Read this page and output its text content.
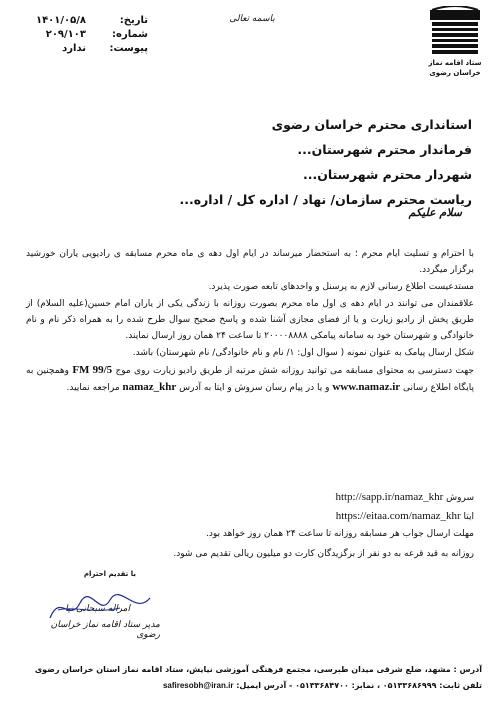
باسمه تعالی
تاریخ:
۱۴۰۱/۰۵/۸
شماره:
۲۰۹/۱۰۳
پیوست:
ندارد
ستاد اقامه نماز
خراسان رضوی
استانداری محترم خراسان رضوی
فرماندار محترم شهرستان...
شهردار محترم شهرستان...
ریاست محترم سازمان/ نهاد / اداره کل / اداره...
سلام علیکم

با احترام و تسلیت ایام محرم ؛ به استحضار میرساند در ایام اول دهه ی ماه محرم مسابقه ی رادیویی یاران خورشید برگزار میگردد.

مستدعیست اطلاع رسانی لازم به پرسنل و واحدهای تابعه صورت پذیرد.

علاقمندان می توانند در ایام دهه ی اول ماه محرم بصورت روزانه با زندگی یکی از یاران امام حسین(علیه السلام) از طریق پخش از رادیو زیارت و یا از فضای مجازی آشنا شده و پاسخ صحیح سوال طرح شده را به همراه ذکر نام و نام خانوادگی و شهرستان خود به سامانه پیامکی ۲۰۰۰۰۸۸۸۸ تا ساعت ۲۴ همان روز ارسال نمایند.

شکل ارسال پیامک به عنوان نمونه ( سوال اول: ۱/ نام و نام خانوادگی/ نام شهرستان) باشد.

جهت دسترسی به محتوای مسابقه می توانید روزانه شش مرتبه از طریق رادیو زیارت روی موج FM 99/5 وهمچنین به پایگاه اطلاع رسانی www.namaz.ir و یا در پیام رسان سروش و ایتا به آدرس namaz_khr مراجعه نمایید.

سروش http://sapp.ir/namaz_khr
ایتا https://eitaa.com/namaz_khr
مهلت ارسال جواب هر مسابقه روزانه تا ساعت ۲۴ همان روز خواهد بود.
روزانه به قید قرعه به دو نفر از برگزیدگان کارت دو میلیون ریالی تقدیم می شود.
با تقدیم احترام
امراله سبحانی نیا
مدیر ستاد اقامه نماز خراسان رضوی
آدرس : مشهد، ضلع شرقی میدان طبرسی، مجتمع فرهنگی آموزشی نیایش، ستاد اقامه نماز استان خراسان رضوی
تلفن ثابت: ۰۵۱۳۳۶۸۶۹۹۹ ، نمابر: ۰۵۱۳۳۶۸۴۷۰۰ - آدرس ایمیل: safiresobh@iran.ir
